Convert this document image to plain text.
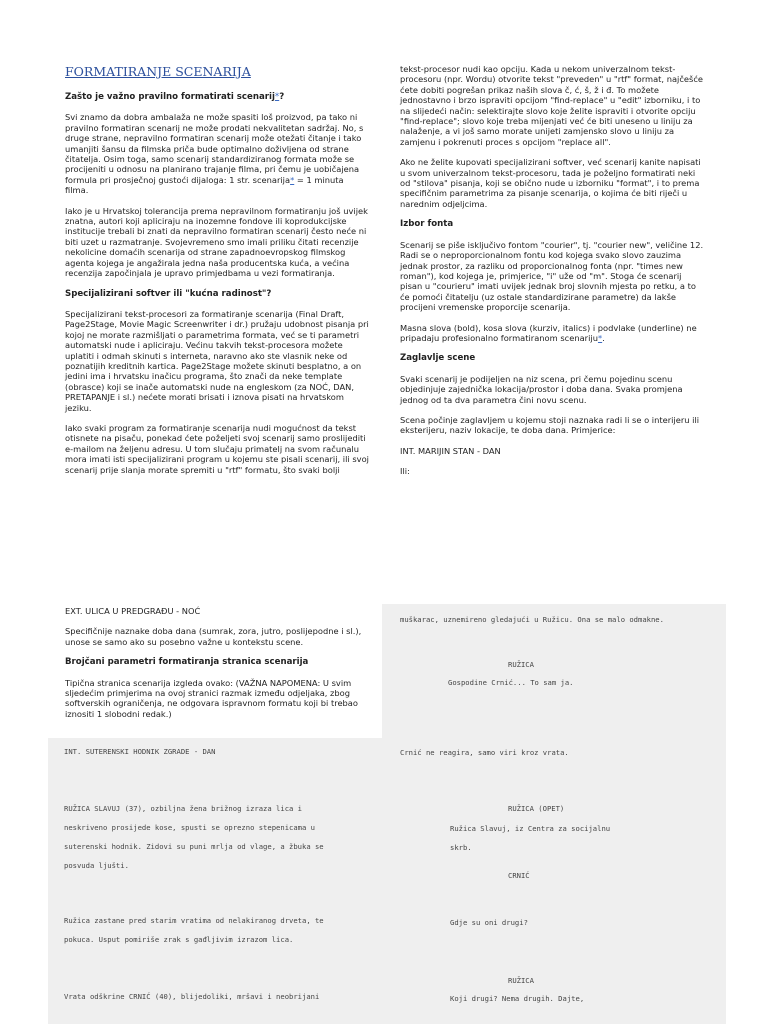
FORMATIRANJE SCENARIJA
Zašto je važno pravilno formatirati scenarij*?

Svi znamo da dobra ambalaža ne može spasiti loš proizvod, pa tako ni pravilno formatiran scenarij ne može prodati nekvalitetan sadržaj. No, s druge strane, nepravilno formatiran scenarij može otežati čitanje i tako umanjiti šansu da filmska priča bude optimalno doživljena od strane čitatelja. Osim toga, samo scenarij standardiziranog formata može se procijeniti u odnosu na planirano trajanje filma, pri čemu je uobičajena formula pri prosječnoj gustoći dijaloga: 1 str. scenarija* = 1 minuta filma.

Iako je u Hrvatskoj tolerancija prema nepravilnom formatiranju još uvijek znatna, autori koji apliciraju na inozemne fondove ili koprodukcijske institucije trebali bi znati da nepravilno formatiran scenarij često neće ni biti uzet u razmatranje. Svojevremeno smo imali priliku čitati recenzije nekolicine domaćih scenarija od strane zapadnoevropskog filmskog agenta kojega je angažirala jedna naša producentska kuća, a većina recenzija započinjala je upravo primjedbama u vezi formatiranja.

Specijalizirani softver ili "kućna radinost"?

Specijalizirani tekst-procesori za formatiranje scenarija (Final Draft, Page2Stage, Movie Magic Screenwriter i dr.) pružaju udobnost pisanja pri kojoj ne morate razmišljati o parametrima formata, već se ti parametri automatski nude i apliciraju. Većinu takvih tekst-procesora možete uplatiti i odmah skinuti s interneta, naravno ako ste vlasnik neke od poznatijih kreditnih kartica. Page2Stage možete skinuti besplatno, a on jedini ima i hrvatsku inačicu programa, što znači da neke template (obrasce) koji se inače automatski nude na engleskom (za NOĆ, DAN, PRETAPANJE i sl.) nećete morati brisati i iznova pisati na hrvatskom jeziku.

Iako svaki program za formatiranje scenarija nudi mogućnost da tekst otisnete na pisaču, ponekad ćete poželjeti svoj scenarij samo proslijediti e-mailom na željenu adresu. U tom slučaju primatelj na svom računalu mora imati isti specijalizirani program u kojemu ste pisali scenarij, ili svoj scenarij prije slanja morate spremiti u "rtf" formatu, što svaki bolji

tekst-procesor nudi kao opciju. Kada u nekom univerzalnom tekst-procesoru (npr. Wordu) otvorite tekst "preveden" u "rtf" format, najčešće ćete dobiti pogrešan prikaz naših slova č, ć, š, ž i đ. To možete jednostavno i brzo ispraviti opcijom "find-replace" u "edit" izborniku, i to na slijedeći način: selektirajte slovo koje želite ispraviti i otvorite opciju "find-replace"; slovo koje treba mijenjati već će biti uneseno u liniju za nalaženje, a vi još samo morate unijeti zamjensko slovo u liniju za zamjenu i pokrenuti proces s opcijom "replace all".

Ako ne želite kupovati specijalizirani softver, već scenarij kanite napisati u svom univerzalnom tekst-procesoru, tada je poželjno formatirati neki od "stilova" pisanja, koji se obično nude u izborniku "format", i to prema specifičnim parametrima za pisanje scenarija, o kojima će biti riječi u narednim odjeljcima.

Izbor fonta

Scenarij se piše isključivo fontom "courier", tj. "courier new", veličine 12. Radi se o neproporcionalnom fontu kod kojega svako slovo zauzima jednak prostor, za razliku od proporcionalnog fonta (npr. "times new roman"), kod kojega je, primjerice, "i" uže od "m". Stoga će scenarij pisan u "courieru" imati uvijek jednak broj slovnih mjesta po retku, a to će pomoći čitatelju (uz ostale standardizirane parametre) da lakše procijeni vremenske proporcije scenarija.

Masna slova (bold), kosa slova (kurziv, italics) i podvlake (underline) ne pripadaju profesionalno formatiranom scenariju*.

Zaglavlje scene

Svaki scenarij je podijeljen na niz scena, pri čemu pojedinu scenu objedinjuje zajednička lokacija/prostor i doba dana. Svaka promjena jednog od ta dva parametra čini novu scenu.

Scena počinje zaglavljem u kojemu stoji naznaka radi li se o interijeru ili eksterijeru, naziv lokacije, te doba dana. Primjerice:

INT. MARIJIN STAN - DAN

Ili:

EXT. ULICA U PREDGRAĐU - NOĆ

Specifičnije naznake doba dana (sumrak, zora, jutro, poslijepodne i sl.), unose se samo ako su posebno važne u kontekstu scene.

Brojčani parametri formatiranja stranica scenarija

Tipična stranica scenarija izgleda ovako: (VAŽNA NAPOMENA: U svim sljedećim primjerima na ovoj stranici razmak između odjeljaka, zbog softverskih ograničenja, ne odgovara ispravnom formatu koji bi trebao iznositi 1 slobodni redak.)

muškarac, uznemireno gledajući u Ružicu. Ona se malo odmakne.
RUŽICA
Gospodine Crnić... To sam ja.
INT. SUTERENSKI HODNIK ZGRADE - DAN
RUŽICA SLAVUJ (37), ozbiljna žena brižnog izraza lica i
neskriveno prosijede kose, spusti se oprezno stepenicama u
suterenski hodnik. Zidovi su puni mrlja od vlage, a žbuka se
posvuda ljušti.
Ružica zastane pred starim vratima od nelakiranog drveta, te
pokuca. Usput pomiriše zrak s gađljivim izrazom lica.
Vrata odškrine CRNIĆ (40), blijedoliki, mršavi i neobrijani
Crnić ne reagira, samo viri kroz vrata.
RUŽICA (OPET)
Ružica Slavuj, iz Centra za socijalnu
skrb.
CRNIĆ
Gdje su oni drugi?
RUŽICA
Koji drugi? Nema drugih. Dajte,
